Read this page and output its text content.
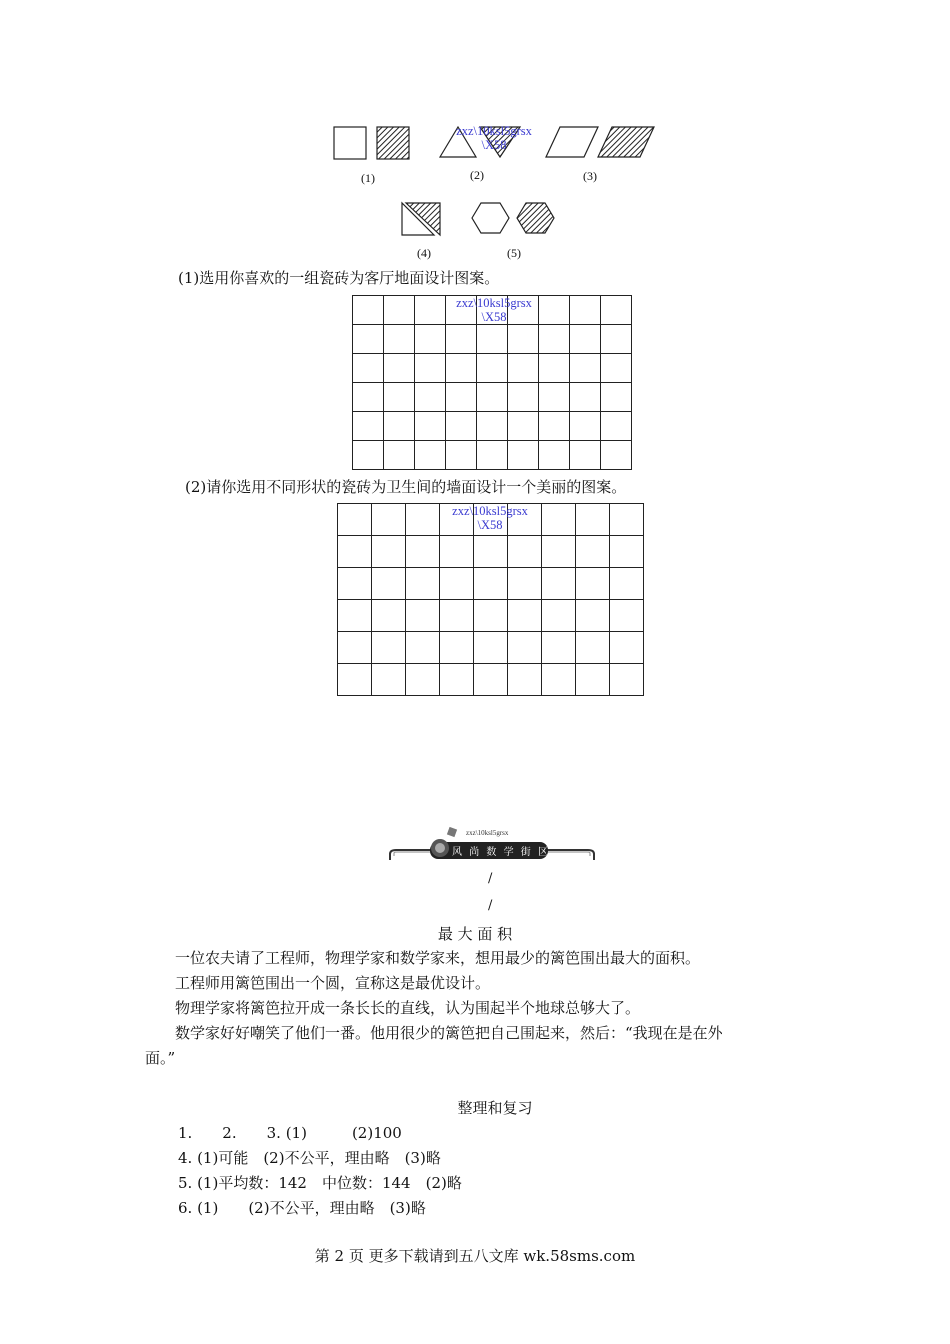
zxz\10ksl5grsx
\X58
(1)	(2)	(3)
(4)	(5)
(1)选用你喜欢的一组瓷砖为客厅地面设计图案。

zxz\10ksl5grsx
\X58
(2)请你选用不同形状的瓷砖为卫生间的墙面设计一个美丽的图案。

zxz\10ksl5grsx
\X58
zxz\10ksl5grsx
风 尚 数 学 街 区
/
/
最 大 面 积
一位农夫请了工程师，物理学家和数学家来，想用最少的篱笆围出最大的面积。
工程师用篱笆围出一个圆，宣称这是最优设计。
物理学家将篱笆拉开成一条长长的直线，认为围起半个地球总够大了。
数学家好好嘲笑了他们一番。他用很少的篱笆把自己围起来，然后：“我现在是在外
面。”
整理和复习
1.　　2.　　3. (1)　　　(2)100
4. (1)可能　(2)不公平，理由略　(3)略
5. (1)平均数：142　中位数：144　(2)略
6. (1)　　(2)不公平，理由略　(3)略
第 2 页 更多下载请到五八文库 wk.58sms.com
